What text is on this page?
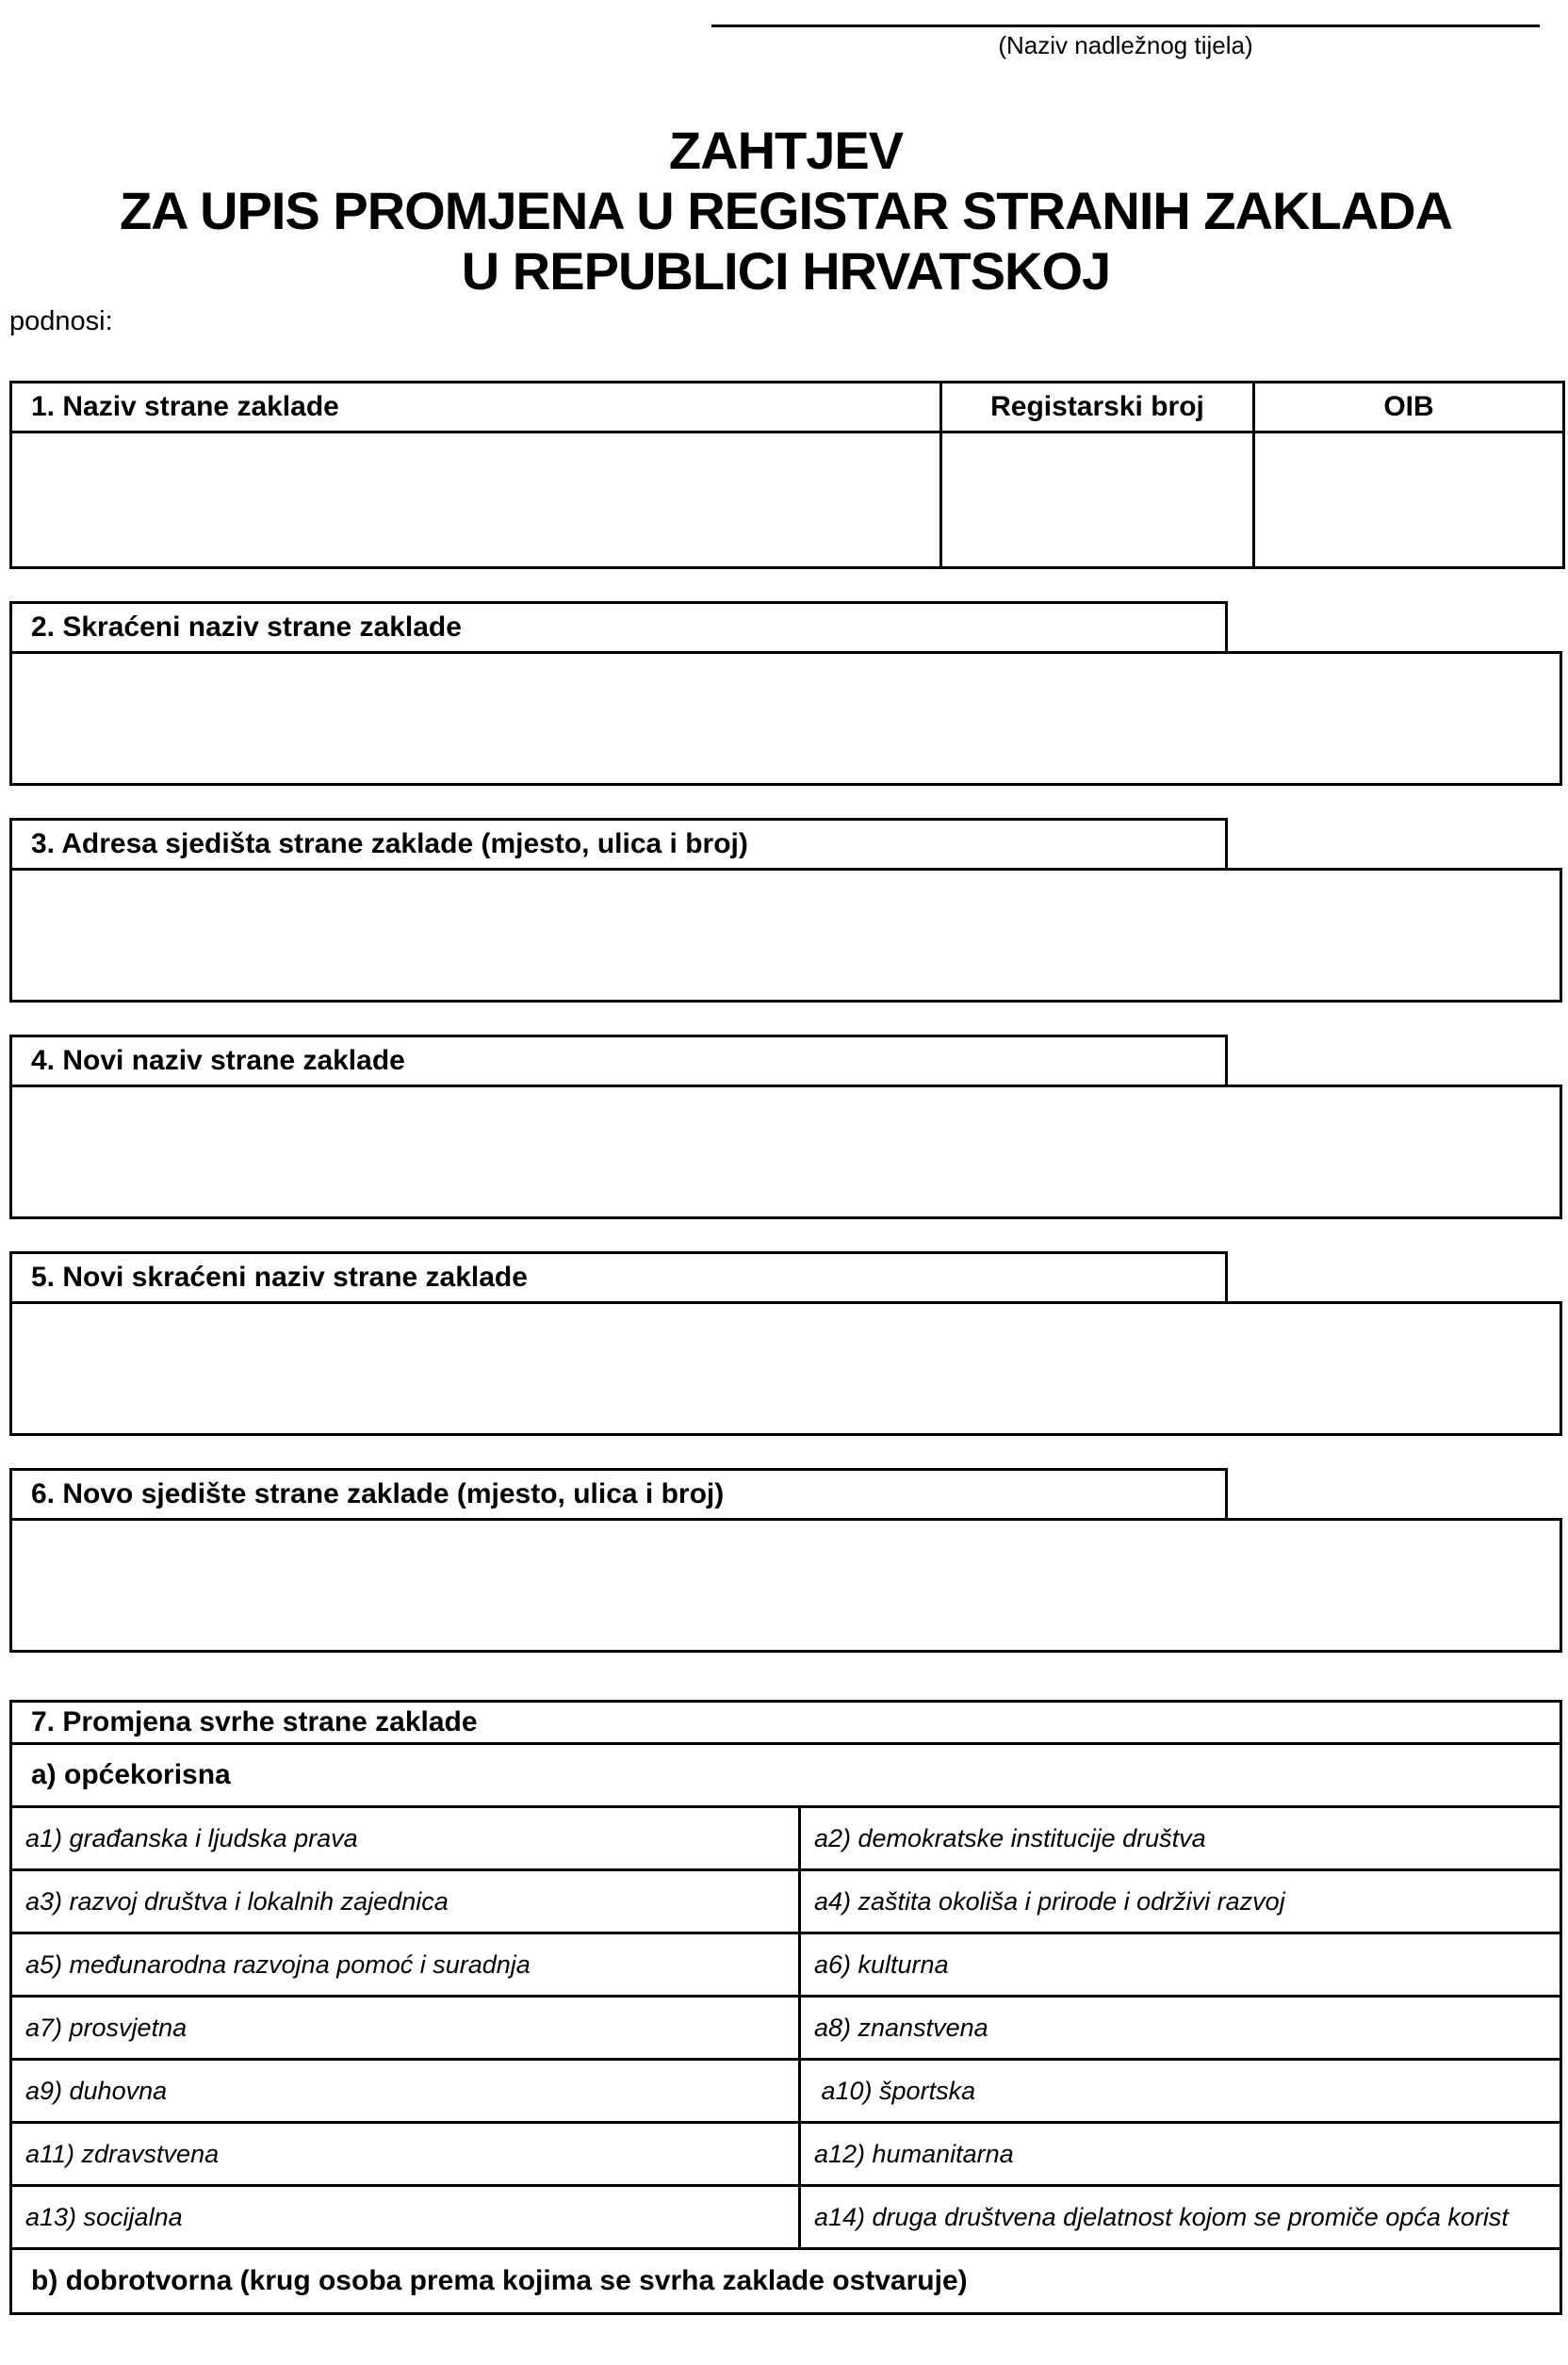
(Naziv nadležnog tijela)
ZAHTJEV
ZA UPIS PROMJENA U REGISTAR STRANIH ZAKLADA
U REPUBLICI HRVATSKOJ
podnosi:
1. Naziv strane zaklade	Registarski broj	OIB

2. Skraćeni naziv strane zaklade
3. Adresa sjedišta strane zaklade (mjesto, ulica i broj)
4. Novi naziv strane zaklade
5. Novi skraćeni naziv strane zaklade
6. Novo sjedište strane zaklade (mjesto, ulica i broj)
7. Promjena svrhe strane zaklade
a) općekorisna
a1) građanska i ljudska prava	a2) demokratske institucije društva
a3) razvoj društva i lokalnih zajednica	a4) zaštita okoliša i prirode i održivi razvoj
a5) međunarodna razvojna pomoć i suradnja	a6) kulturna
a7) prosvjetna	a8) znanstvena
a9) duhovna	a10) športska
a11) zdravstvena	a12) humanitarna
a13) socijalna	a14) druga društvena djelatnost kojom se promiče opća korist
b) dobrotvorna (krug osoba prema kojima se svrha zaklade ostvaruje)
